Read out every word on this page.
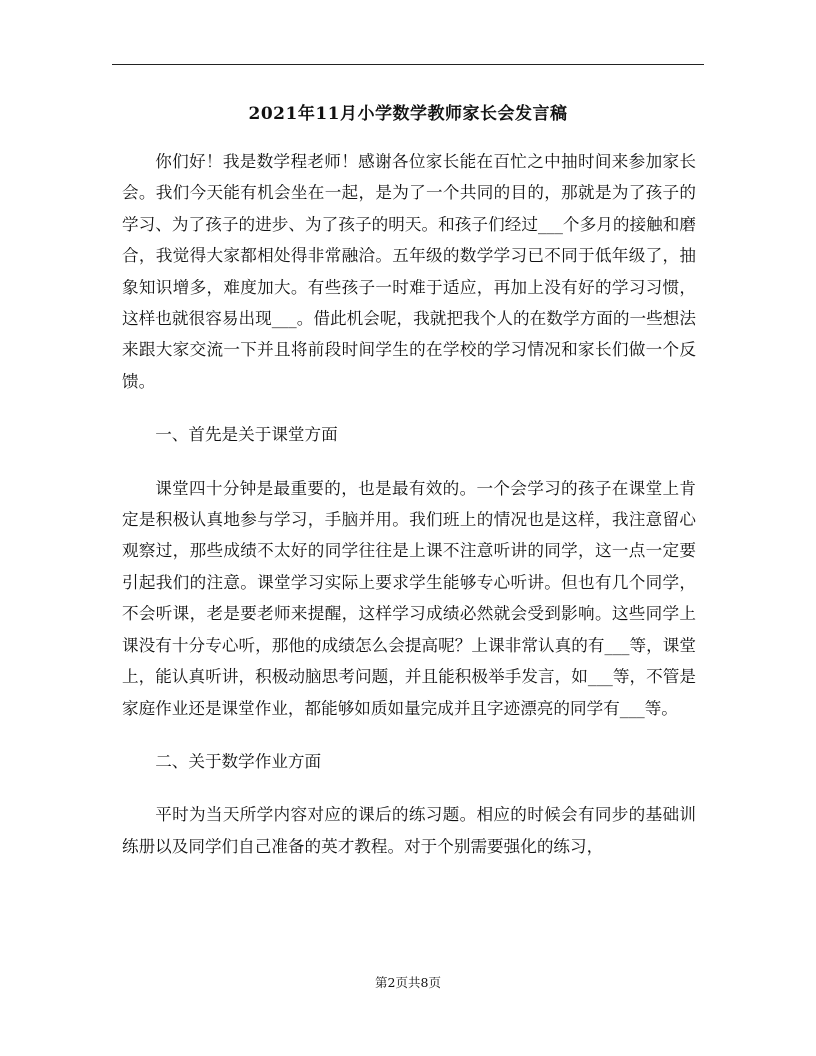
2021年11月小学数学教师家长会发言稿

你们好！我是数学程老师！感谢各位家长能在百忙之中抽时间来参加家长会。我们今天能有机会坐在一起，是为了一个共同的目的，那就是为了孩子的学习、为了孩子的进步、为了孩子的明天。和孩子们经过___个多月的接触和磨合，我觉得大家都相处得非常融洽。五年级的数学学习已不同于低年级了，抽象知识增多，难度加大。有些孩子一时难于适应，再加上没有好的学习习惯，这样也就很容易出现___。借此机会呢，我就把我个人的在数学方面的一些想法来跟大家交流一下并且将前段时间学生的在学校的学习情况和家长们做一个反馈。

一、首先是关于课堂方面

课堂四十分钟是最重要的，也是最有效的。一个会学习的孩子在课堂上肯定是积极认真地参与学习，手脑并用。我们班上的情况也是这样，我注意留心观察过，那些成绩不太好的同学往往是上课不注意听讲的同学，这一点一定要引起我们的注意。课堂学习实际上要求学生能够专心听讲。但也有几个同学，不会听课，老是要老师来提醒，这样学习成绩必然就会受到影响。这些同学上课没有十分专心听，那他的成绩怎么会提高呢？上课非常认真的有___等，课堂上，能认真听讲，积极动脑思考问题，并且能积极举手发言，如___等，不管是家庭作业还是课堂作业，都能够如质如量完成并且字迹漂亮的同学有___等。

二、关于数学作业方面

平时为当天所学内容对应的课后的练习题。相应的时候会有同步的基础训练册以及同学们自己准备的英才教程。对于个别需要强化的练习，

第2页共8页
